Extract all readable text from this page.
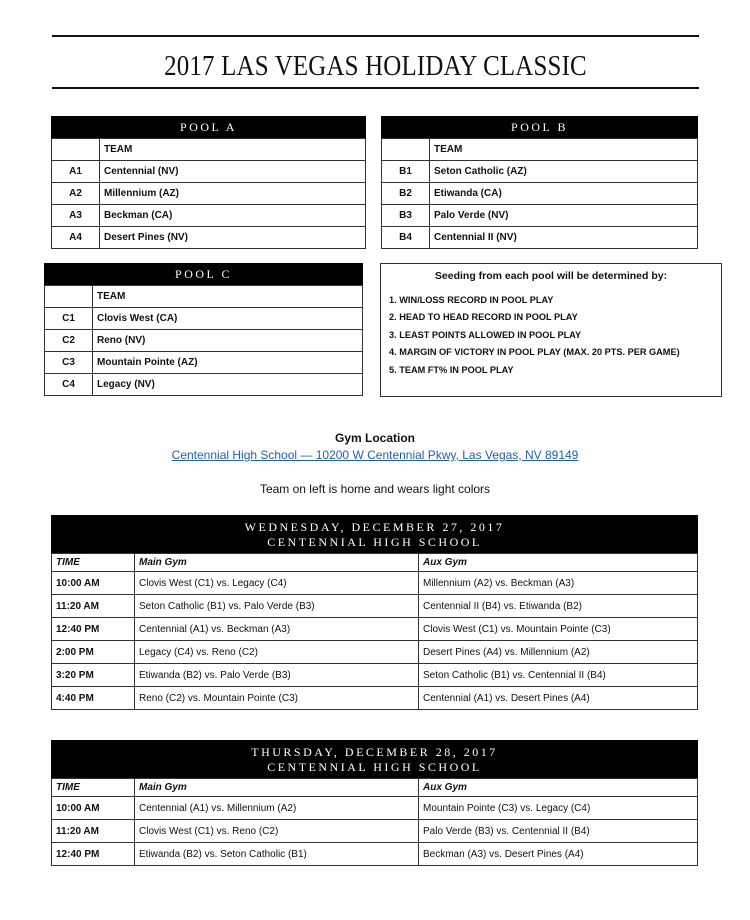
2017 LAS VEGAS HOLIDAY CLASSIC
POOL A
	TEAM
A1	Centennial (NV)
A2	Millennium (AZ)
A3	Beckman (CA)
A4	Desert Pines (NV)
POOL B
	TEAM
B1	Seton Catholic (AZ)
B2	Etiwanda (CA)
B3	Palo Verde (NV)
B4	Centennial II (NV)
POOL C
	TEAM
C1	Clovis West (CA)
C2	Reno (NV)
C3	Mountain Pointe (AZ)
C4	Legacy (NV)
Seeding from each pool will be determined by:
1. WIN/LOSS RECORD IN POOL PLAY
2. HEAD TO HEAD RECORD IN POOL PLAY
3. LEAST POINTS ALLOWED IN POOL PLAY
4. MARGIN OF VICTORY IN POOL PLAY (MAX. 20 PTS. PER GAME)
5. TEAM FT% IN POOL PLAY
Gym Location
Centennial High School — 10200 W Centennial Pkwy, Las Vegas, NV 89149
Team on left is home and wears light colors
WEDNESDAY, DECEMBER 27, 2017
CENTENNIAL HIGH SCHOOL
TIME	Main Gym	Aux Gym
10:00 AM	Clovis West (C1) vs. Legacy (C4)	Millennium (A2) vs. Beckman (A3)
11:20 AM	Seton Catholic (B1) vs. Palo Verde (B3)	Centennial II (B4) vs. Etiwanda (B2)
12:40 PM	Centennial (A1) vs. Beckman (A3)	Clovis West (C1) vs. Mountain Pointe (C3)
2:00 PM	Legacy (C4) vs. Reno (C2)	Desert Pines (A4) vs. Millennium (A2)
3:20 PM	Etiwanda (B2) vs. Palo Verde (B3)	Seton Catholic (B1) vs. Centennial II (B4)
4:40 PM	Reno (C2) vs. Mountain Pointe (C3)	Centennial (A1) vs. Desert Pines (A4)
THURSDAY, DECEMBER 28, 2017
CENTENNIAL HIGH SCHOOL
TIME	Main Gym	Aux Gym
10:00 AM	Centennial (A1) vs. Millennium (A2)	Mountain Pointe (C3) vs. Legacy (C4)
11:20 AM	Clovis West (C1) vs. Reno (C2)	Palo Verde (B3) vs. Centennial II (B4)
12:40 PM	Etiwanda (B2) vs. Seton Catholic (B1)	Beckman (A3) vs. Desert Pines (A4)
